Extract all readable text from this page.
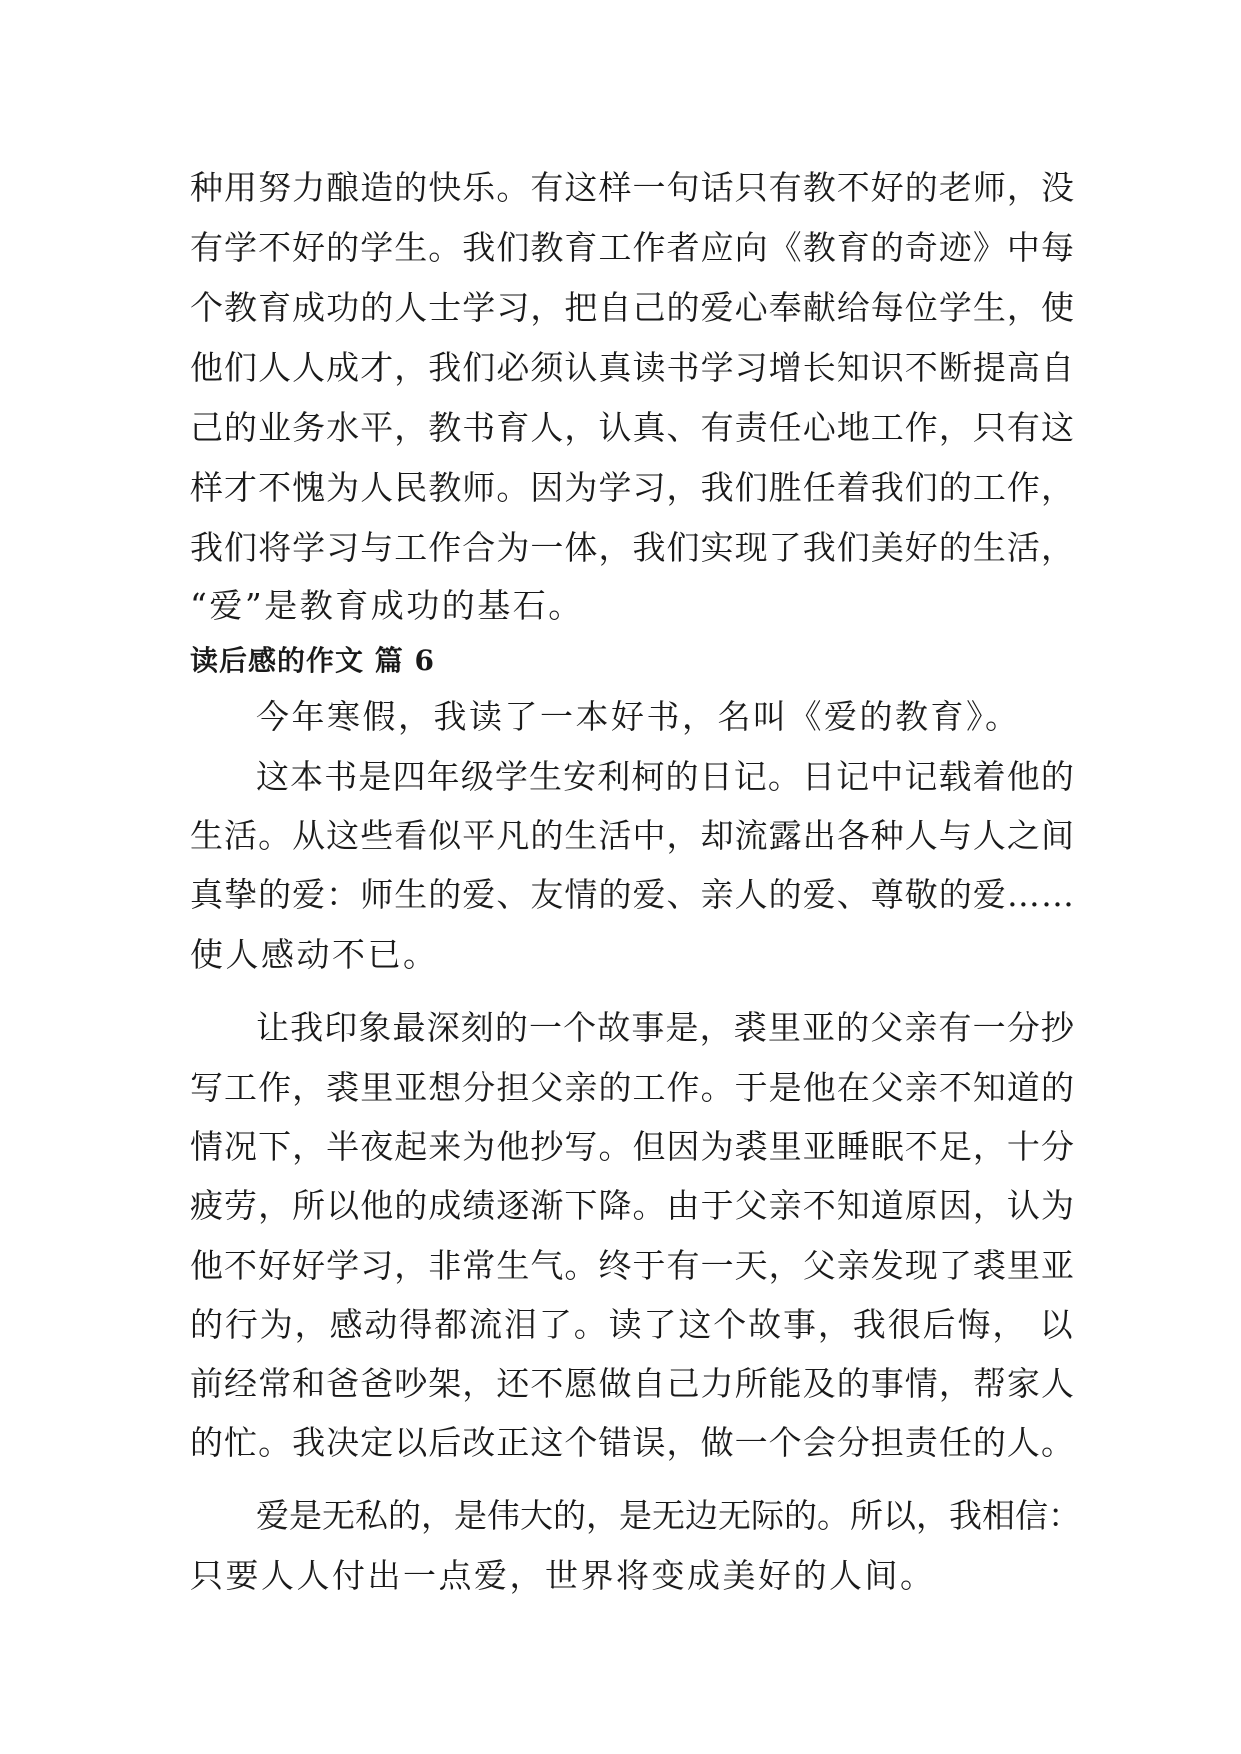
种用努力酿造的快乐。有这样一句话只有教不好的老师，没

有学不好的学生。我们教育工作者应向《教育的奇迹》中每

个教育成功的人士学习，把自己的爱心奉献给每位学生，使

他们人人成才，我们必须认真读书学习增长知识不断提高自

己的业务水平，教书育人，认真、有责任心地工作，只有这

样才不愧为人民教师。因为学习，我们胜任着我们的工作，

我们将学习与工作合为一体，我们实现了我们美好的生活，

“爱”是教育成功的基石。

读后感的作文 篇 6

今年寒假，我读了一本好书，名叫《爱的教育》。

这本书是四年级学生安利柯的日记。日记中记载着他的

生活。从这些看似平凡的生活中，却流露出各种人与人之间

真挚的爱：师生的爱、友情的爱、亲人的爱、尊敬的爱……

使人感动不已。

让我印象最深刻的一个故事是，裘里亚的父亲有一分抄

写工作，裘里亚想分担父亲的工作。于是他在父亲不知道的

情况下，半夜起来为他抄写。但因为裘里亚睡眠不足，十分

疲劳，所以他的成绩逐渐下降。由于父亲不知道原因，认为

他不好好学习，非常生气。终于有一天，父亲发现了裘里亚

的行为，感动得都流泪了。读了这个故事，我很后悔， 以

前经常和爸爸吵架，还不愿做自己力所能及的事情，帮家人

的忙。我决定以后改正这个错误，做一个会分担责任的人。

爱是无私的，是伟大的，是无边无际的。所以，我相信：

只要人人付出一点爱，世界将变成美好的人间。
